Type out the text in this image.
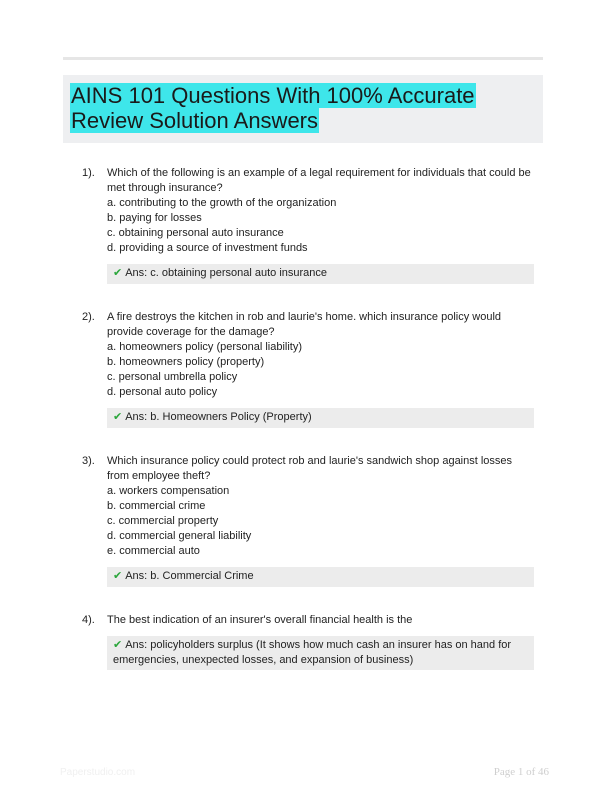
AINS 101 Questions With 100% Accurate Review Solution Answers
1). Which of the following is an example of a legal requirement for individuals that could be met through insurance?

a. contributing to the growth of the organization
b. paying for losses
c. obtaining personal auto insurance
d. providing a source of investment funds
✔ Ans: c. obtaining personal auto insurance
2). A fire destroys the kitchen in rob and laurie's home. which insurance policy would provide coverage for the damage?

a. homeowners policy (personal liability)
b. homeowners policy (property)
c. personal umbrella policy
d. personal auto policy
✔ Ans: b. Homeowners Policy (Property)
3). Which insurance policy could protect rob and laurie's sandwich shop against losses from employee theft?

a. workers compensation
b. commercial crime
c. commercial property
d. commercial general liability
e. commercial auto
✔ Ans: b. Commercial Crime
4). The best indication of an insurer's overall financial health is the

✔ Ans: policyholders surplus (It shows how much cash an insurer has on hand for emergencies, unexpected losses, and expansion of business)
Paperstudio.com	Page 1 of 46
